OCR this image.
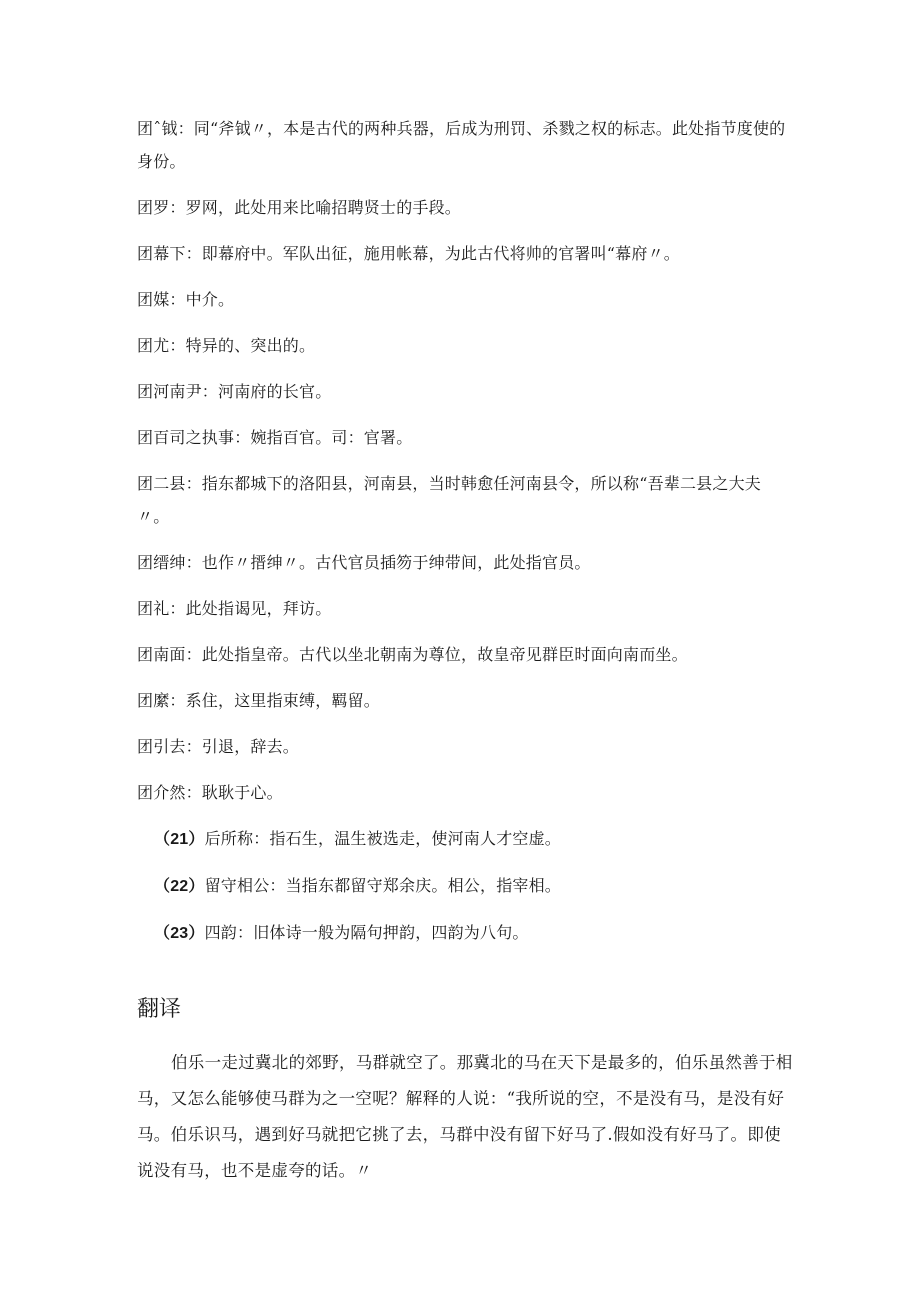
团ˆ钺：同“斧钺〃，本是古代的两种兵器，后成为刑罚、杀戮之权的标志。此处指节度使的身份。

团罗：罗网，此处用来比喻招聘贤士的手段。

团幕下：即幕府中。军队出征，施用帐幕，为此古代将帅的官署叫“幕府〃。

团媒：中介。

团尤：特异的、突出的。

团河南尹：河南府的长官。

团百司之执事：婉指百官。司：官署。

团二县：指东都城下的洛阳县，河南县，当时韩愈任河南县令，所以称“吾辈二县之大夫〃。

团缙绅：也作〃搢绅〃。古代官员插笏于绅带间，此处指官员。

团礼：此处指谒见，拜访。

团南面：此处指皇帝。古代以坐北朝南为尊位，故皇帝见群臣时面向南而坐。

团縻：系住，这里指束缚，羁留。

团引去：引退，辞去。

团介然：耿耿于心。

（21）后所称：指石生，温生被选走，使河南人才空虚。

（22）留守相公：当指东都留守郑余庆。相公，指宰相。

（23）四韵：旧体诗一般为隔句押韵，四韵为八句。

翻译

伯乐一走过冀北的郊野，马群就空了。那冀北的马在天下是最多的，伯乐虽然善于相马，又怎么能够使马群为之一空呢？解释的人说：“我所说的空，不是没有马，是没有好马。伯乐识马，遇到好马就把它挑了去，马群中没有留下好马了.假如没有好马了。即使说没有马，也不是虚夸的话。〃
